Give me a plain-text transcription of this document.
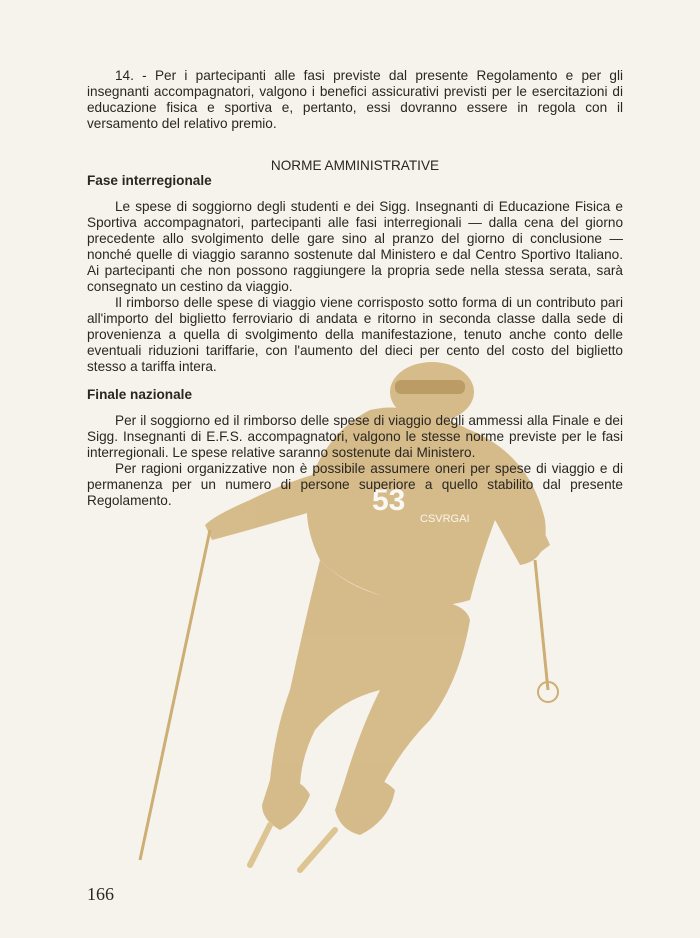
53
CSVRGAI

14. - Per i partecipanti alle fasi previste dal presente Regolamento e per gli insegnanti accompagnatori, valgono i benefici assicurativi previsti per le esercitazioni di educazione fisica e sportiva e, pertanto, essi dovranno essere in regola con il versamento del relativo premio.

NORME AMMINISTRATIVE
Fase interregionale

Le spese di soggiorno degli studenti e dei Sigg. Insegnanti di Educazione Fisica e Sportiva accompagnatori, partecipanti alle fasi interregionali — dalla cena del giorno precedente allo svolgimento delle gare sino al pranzo del giorno di conclusione — nonché quelle di viaggio saranno sostenute dal Ministero e dal Centro Sportivo Italiano. Ai partecipanti che non possono raggiungere la propria sede nella stessa serata, sarà consegnato un cestino da viaggio.

Il rimborso delle spese di viaggio viene corrisposto sotto forma di un contributo pari all'importo del biglietto ferroviario di andata e ritorno in seconda classe dalla sede di provenienza a quella di svolgimento della manifestazione, tenuto anche conto delle eventuali riduzioni tariffarie, con l'aumento del dieci per cento del costo del biglietto stesso a tariffa intera.

Finale nazionale

Per il soggiorno ed il rimborso delle spese di viaggio degli ammessi alla Finale e dei Sigg. Insegnanti di E.F.S. accompagnatori, valgono le stesse norme previste per le fasi interregionali. Le spese relative saranno sostenute dai Ministero.

Per ragioni organizzative non è possibile assumere oneri per spese di viaggio e di permanenza per un numero di persone superiore a quello stabilito dal presente Regolamento.

166
